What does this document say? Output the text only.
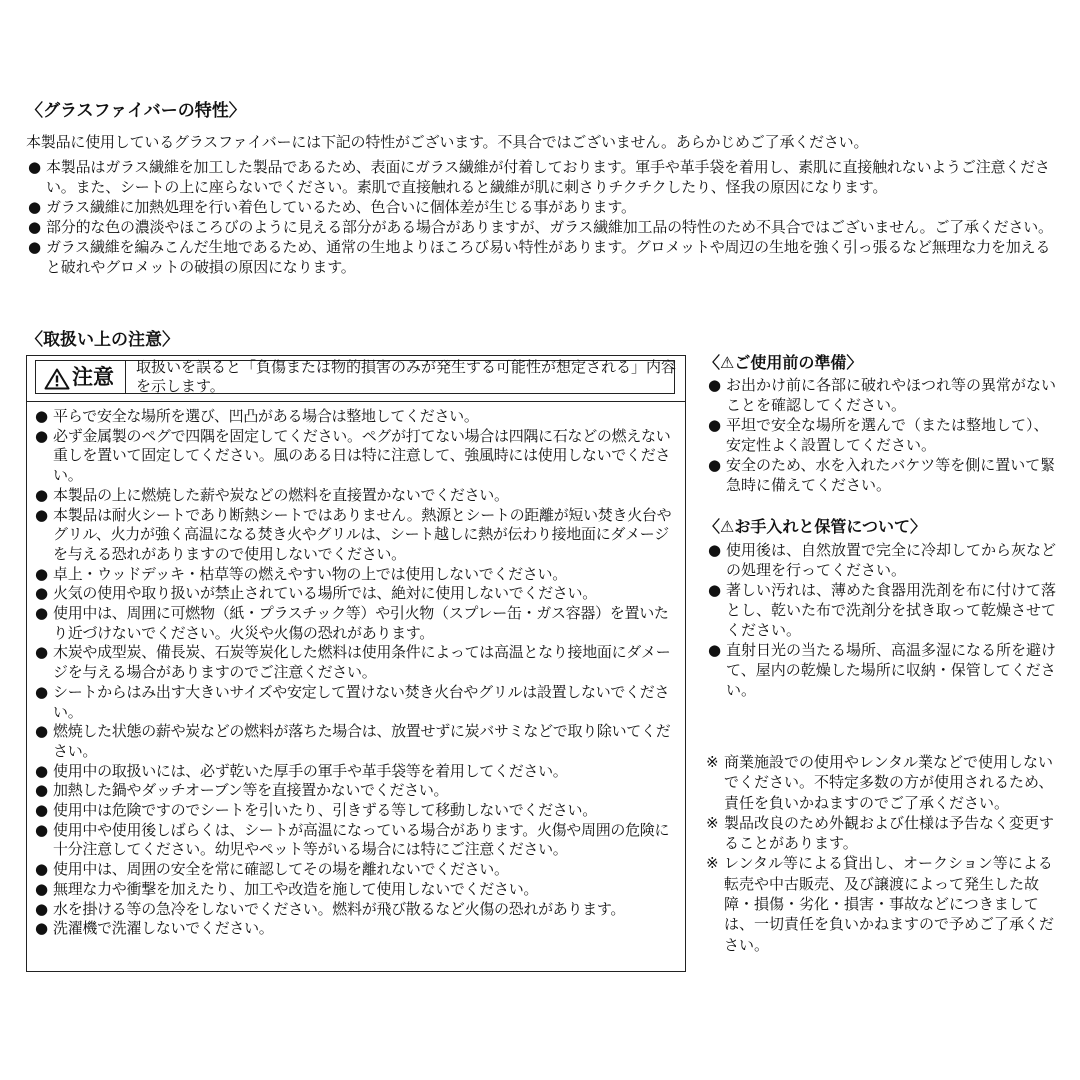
〈グラスファイバーの特性〉
本製品に使用しているグラスファイバーには下記の特性がございます。不具合ではございません。あらかじめご了承ください。
● 本製品はガラス繊維を加工した製品であるため、表面にガラス繊維が付着しております。軍手や革手袋を着用し、素肌に直接触れないようご注意ください。また、シートの上に座らないでください。素肌で直接触れると繊維が肌に刺さりチクチクしたり、怪我の原因になります。
● ガラス繊維に加熱処理を行い着色しているため、色合いに個体差が生じる事があります。
● 部分的な色の濃淡やほころびのように見える部分がある場合がありますが、ガラス繊維加工品の特性のため不具合ではございません。ご了承ください。
● ガラス繊維を編みこんだ生地であるため、通常の生地よりほころび易い特性があります。グロメットや周辺の生地を強く引っ張るなど無理な力を加えると破れやグロメットの破損の原因になります。
〈取扱い上の注意〉
注意 取扱いを誤ると「負傷または物的損害のみが発生する可能性が想定される」内容を示します。
● 平らで安全な場所を選び、凹凸がある場合は整地してください。
● 必ず金属製のペグで四隅を固定してください。ペグが打てない場合は四隅に石などの燃えない重しを置いて固定してください。風のある日は特に注意して、強風時には使用しないでください。
● 本製品の上に燃焼した薪や炭などの燃料を直接置かないでください。
● 本製品は耐火シートであり断熱シートではありません。熱源とシートの距離が短い焚き火台やグリル、火力が強く高温になる焚き火やグリルは、シート越しに熱が伝わり接地面にダメージを与える恐れがありますので使用しないでください。
● 卓上・ウッドデッキ・枯草等の燃えやすい物の上では使用しないでください。
● 火気の使用や取り扱いが禁止されている場所では、絶対に使用しないでください。
● 使用中は、周囲に可燃物（紙・プラスチック等）や引火物（スプレー缶・ガス容器）を置いたり近づけないでください。火災や火傷の恐れがあります。
● 木炭や成型炭、備長炭、石炭等炭化した燃料は使用条件によっては高温となり接地面にダメージを与える場合がありますのでご注意ください。
● シートからはみ出す大きいサイズや安定して置けない焚き火台やグリルは設置しないでください。
● 燃焼した状態の薪や炭などの燃料が落ちた場合は、放置せずに炭バサミなどで取り除いてください。
● 使用中の取扱いには、必ず乾いた厚手の軍手や革手袋等を着用してください。
● 加熱した鍋やダッチオーブン等を直接置かないでください。
● 使用中は危険ですのでシートを引いたり、引きずる等して移動しないでください。
● 使用中や使用後しばらくは、シートが高温になっている場合があります。火傷や周囲の危険に十分注意してください。幼児やペット等がいる場合には特にご注意ください。
● 使用中は、周囲の安全を常に確認してその場を離れないでください。
● 無理な力や衝撃を加えたり、加工や改造を施して使用しないでください。
● 水を掛ける等の急冷をしないでください。燃料が飛び散るなど火傷の恐れがあります。
● 洗濯機で洗濯しないでください。
〈⚠ご使用前の準備〉
● お出かけ前に各部に破れやほつれ等の異常がないことを確認してください。
● 平坦で安全な場所を選んで（または整地して）、安定性よく設置してください。
● 安全のため、水を入れたバケツ等を側に置いて緊急時に備えてください。
〈⚠お手入れと保管について〉
● 使用後は、自然放置で完全に冷却してから灰などの処理を行ってください。
● 著しい汚れは、薄めた食器用洗剤を布に付けて落とし、乾いた布で洗剤分を拭き取って乾燥させてください。
● 直射日光の当たる場所、高温多湿になる所を避けて、屋内の乾燥した場所に収納・保管してください。
※ 商業施設での使用やレンタル業などで使用しないでください。不特定多数の方が使用されるため、責任を負いかねますのでご了承ください。
※ 製品改良のため外観および仕様は予告なく変更することがあります。
※ レンタル等による貸出し、オークション等による転売や中古販売、及び譲渡によって発生した故障・損傷・劣化・損害・事故などにつきましては、一切責任を負いかねますので予めご了承ください。
